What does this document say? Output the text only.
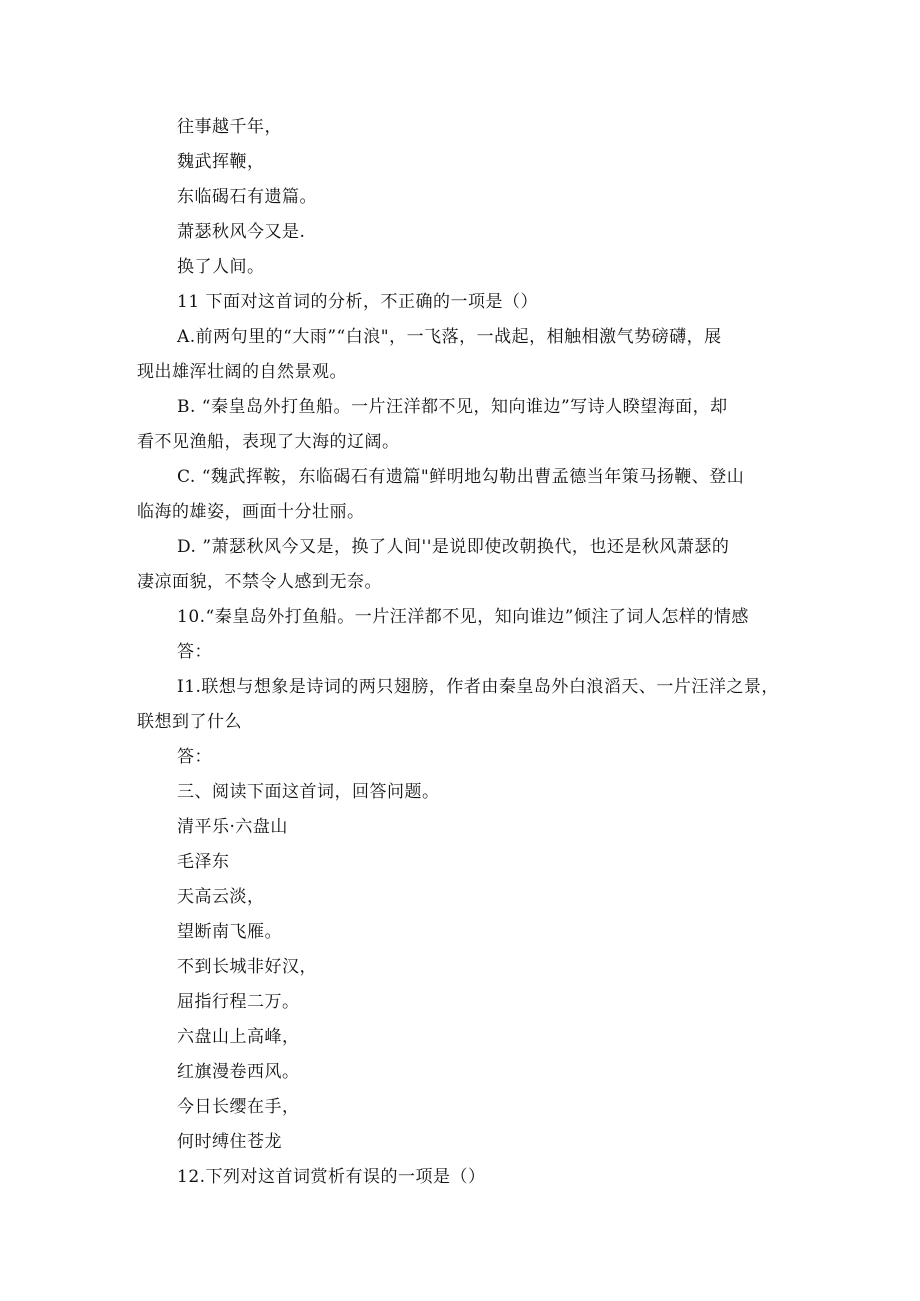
往事越千年，
魏武挥鞭，
东临碣石有遗篇。
萧瑟秋风今又是.
换了人间。
11 下面对这首词的分析，不正确的一项是（）
A.前两句里的“大雨”“白浪"，一飞落，一战起，相触相激气势磅礴，展
现出雄浑壮阔的自然景观。
B. “秦皇岛外打鱼船。一片汪洋都不见，知向谁边”写诗人睽望海面，却
看不见渔船，表现了大海的辽阔。
C. “魏武挥鞍，东临碣石有遗篇"鲜明地勾勒出曹孟德当年策马扬鞭、登山
临海的雄姿，画面十分壮丽。
D. ”萧瑟秋风今又是，换了人间''是说即使改朝换代，也还是秋风萧瑟的
凄凉面貌，不禁令人感到无奈。
10.“秦皇岛外打鱼船。一片汪洋都不见，知向谁边”倾注了词人怎样的情感
答：
I1.联想与想象是诗词的两只翅膀，作者由秦皇岛外白浪滔天、一片汪洋之景，
联想到了什么
答：
三、阅读下面这首词，回答问题。
清平乐·六盘山
毛泽东
天高云淡，
望断南飞雁。
不到长城非好汉，
屈指行程二万。
六盘山上高峰，
红旗漫卷西风。
今日长缨在手，
何时缚住苍龙
12.下列对这首词赏析有误的一项是（）
